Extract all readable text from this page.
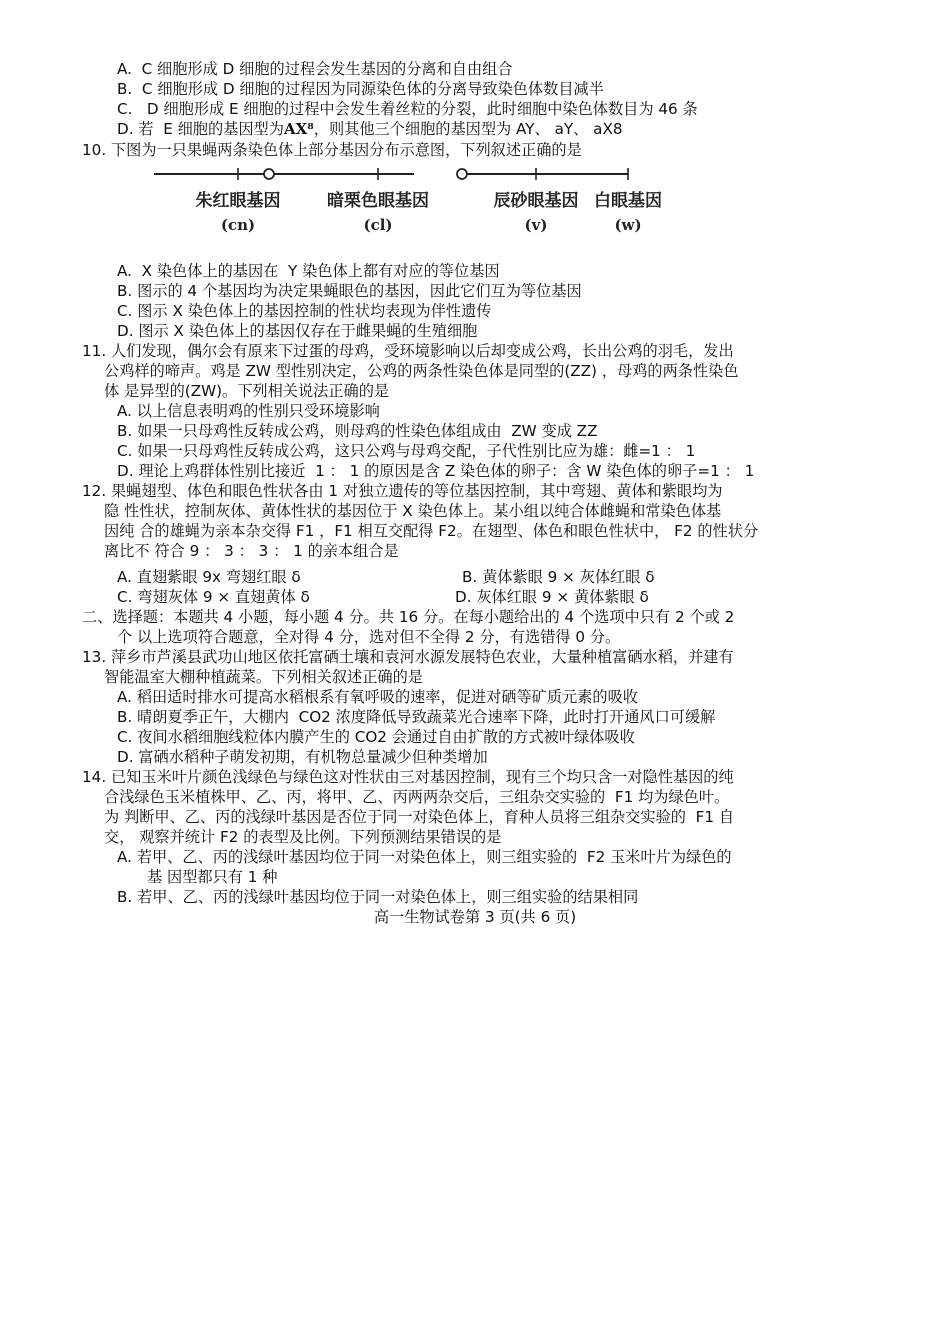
A.  C 细胞形成 D 细胞的过程会发生基因的分离和自由组合
B.  C 细胞形成 D 细胞的过程因为同源染色体的分离导致染色体数目减半
C.   D 细胞形成 E 细胞的过程中会发生着丝粒的分裂，此时细胞中染色体数目为 46 条
D. 若  E 细胞的基因型为AX⁸，则其他三个细胞的基因型为 AY、 aY、 aX8
10. 下图为一只果蝇两条染色体上部分基因分布示意图，下列叙述正确的是
朱红眼基因
(cn)
暗栗色眼基因
(cl)
辰砂眼基因
(v)
白眼基因
(w)
A.  X 染色体上的基因在  Y 染色体上都有对应的等位基因
B. 图示的 4 个基因均为决定果蝇眼色的基因，因此它们互为等位基因
C. 图示 X 染色体上的基因控制的性状均表现为伴性遗传
D. 图示 X 染色体上的基因仅存在于雌果蝇的生殖细胞
11. 人们发现，偶尔会有原来下过蛋的母鸡，受环境影响以后却变成公鸡，长出公鸡的羽毛，发出
公鸡样的啼声。鸡是 ZW 型性别决定，公鸡的两条性染色体是同型的(ZZ) ，母鸡的两条性染色
体 是异型的(ZW)。下列相关说法正确的是
A. 以上信息表明鸡的性别只受环境影响
B. 如果一只母鸡性反转成公鸡，则母鸡的性染色体组成由  ZW 变成 ZZ
C. 如果一只母鸡性反转成公鸡，这只公鸡与母鸡交配，子代性别比应为雄：雌=1 ： 1
D. 理论上鸡群体性别比接近  1 ： 1 的原因是含 Z 染色体的卵子：含 W 染色体的卵子=1 ： 1
12. 果蝇翅型、体色和眼色性状各由 1 对独立遗传的等位基因控制，其中弯翅、黄体和紫眼均为
隐 性性状，控制灰体、黄体性状的基因位于 X 染色体上。某小组以纯合体雌蝇和常染色体基
因纯 合的雄蝇为亲本杂交得 F1 ，F1 相互交配得 F2。在翅型、体色和眼色性状中， F2 的性状分
离比不 符合 9 ： 3 ： 3 ： 1 的亲本组合是
A. 直翅紫眼 9x 弯翅红眼 δ	B. 黄体紫眼 9 × 灰体红眼 δ
C. 弯翅灰体 9 × 直翅黄体 δ	D. 灰体红眼 9 × 黄体紫眼 δ
二、选择题：本题共 4 小题，每小题 4 分。共 16 分。在每小题给出的 4 个选项中只有 2 个或 2
个 以上选项符合题意，全对得 4 分，选对但不全得 2 分，有选错得 0 分。
13. 萍乡市芦溪县武功山地区依托富硒土壤和袁河水源发展特色农业，大量种植富硒水稻，并建有
智能温室大棚种植蔬菜。下列相关叙述正确的是
A. 稻田适时排水可提高水稻根系有氧呼吸的速率，促进对硒等矿质元素的吸收
B. 晴朗夏季正午，大棚内  CO2 浓度降低导致蔬菜光合速率下降，此时打开通风口可缓解
C. 夜间水稻细胞线粒体内膜产生的 CO2 会通过自由扩散的方式被叶绿体吸收
D. 富硒水稻种子萌发初期，有机物总量减少但种类增加
14. 已知玉米叶片颜色浅绿色与绿色这对性状由三对基因控制，现有三个均只含一对隐性基因的纯
合浅绿色玉米植株甲、乙、丙，将甲、乙、丙两两杂交后，三组杂交实验的  F1 均为绿色叶。
为 判断甲、乙、丙的浅绿叶基因是否位于同一对染色体上，育种人员将三组杂交实验的  F1 自
交， 观察并统计 F2 的表型及比例。下列预测结果错误的是
A. 若甲、乙、丙的浅绿叶基因均位于同一对染色体上，则三组实验的  F2 玉米叶片为绿色的
基 因型都只有 1 种
B. 若甲、乙、丙的浅绿叶基因均位于同一对染色体上，则三组实验的结果相同
高一生物试卷第 3 页(共 6 页)
